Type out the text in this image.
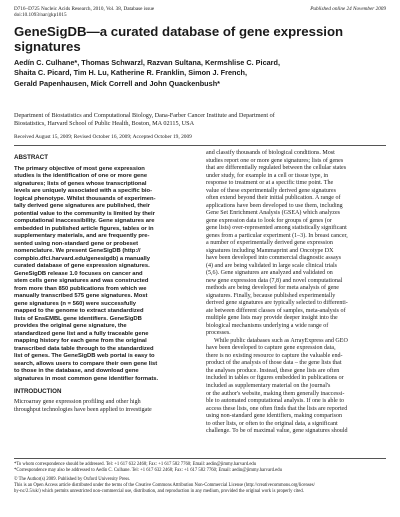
D716–D725 Nucleic Acids Research, 2010, Vol. 38, Database issue
doi:10.1093/nar/gkp1015
Published online 24 November 2009
GeneSigDB—a curated database of gene expression signatures
Aedín C. Culhane*, Thomas Schwarzl, Razvan Sultana, Kermshlise C. Picard,
Shaita C. Picard, Tim H. Lu, Katherine R. Franklin, Simon J. French,
Gerald Papenhausen, Mick Correll and John Quackenbush*
Department of Biostatistics and Computational Biology, Dana-Farber Cancer Institute and Department of
Biostatistics, Harvard School of Public Health, Boston, MA 02115, USA
Received August 15, 2009; Revised October 16, 2009; Accepted October 19, 2009
ABSTRACT
The primary objective of most gene expression
studies is the identification of one or more gene
signatures; lists of genes whose transcriptional
levels are uniquely associated with a specific bio-
logical phenotype. Whilst thousands of experimen-
tally derived gene signatures are published, their
potential value to the community is limited by their
computational inaccessibility. Gene signatures are
embedded in published article figures, tables or in
supplementary materials, and are frequently pre-
sented using non-standard gene or probeset
nomenclature. We present GeneSigDB (http://
compbio.dfci.harvard.edu/genesigdb) a manually
curated database of gene expression signatures.
GeneSigDB release 1.0 focuses on cancer and
stem cells gene signatures and was constructed
from more than 850 publications from which we
manually transcribed 575 gene signatures. Most
gene signatures (n = 560) were successfully
mapped to the genome to extract standardized
lists of EnsEMBL gene identifiers. GeneSigDB
provides the original gene signature, the
standardized gene list and a fully traceable gene
mapping history for each gene from the original
transcribed data table through to the standardized
list of genes. The GeneSigDB web portal is easy to
search, allows users to compare their own gene list
to those in the database, and download gene
signatures in most common gene identifier formats.
INTRODUCTION
Microarray gene expression profiling and other high
throughput technologies have been applied to investigate
and classify thousands of biological conditions. Most
studies report one or more gene signatures; lists of genes
that are differentially regulated between the cellular states
under study, for example in a cell or tissue type, in
response to treatment or at a specific time point. The
value of these experimentally derived gene signatures
often extend beyond their initial publication. A range of
applications have been developed to use them, including
Gene Set Enrichment Analysis (GSEA) which analyzes
gene expression data to look for groups of genes (or
gene lists) over-represented among statistically significant
genes from a particular experiment (1–3). In breast cancer,
a number of experimentally derived gene expression
signatures including Mammaprint and Oncotype DX
have been developed into commercial diagnostic assays
(4) and are being validated in large scale clinical trials
(5,6). Gene signatures are analyzed and validated on
new gene expression data (7,8) and novel computational
methods are being developed for meta analysis of gene
signatures. Finally, because published experimentally
derived gene signatures are typically selected to differenti-
ate between different classes of samples, meta-analysis of
multiple gene lists may provide deeper insight into the
biological mechanisms underlying a wide range of
processes.
While public databases such as ArrayExpress and GEO
have been developed to capture gene expression data,
there is no existing resource to capture the valuable end-
product of the analysis of those data – the gene lists that
the analyses produce. Instead, these gene lists are often
included in tables or figures embedded in publications or
included as supplementary material on the journal's
or the author's website, making them generally inaccessi-
ble to automated computational analysis. If one is able to
access these lists, one often finds that the lists are reported
using non-standard gene identifiers, making comparison
to other lists, or often to the original data, a significant
challenge. To be of maximal value, gene signatures should

*To whom correspondence should be addressed. Tel: +1 617 632 2468; Fax: +1 617 582 7760; Email: aedin@jimmy.harvard.edu

*Correspondence may also be addressed to Aedín C. Culhane. Tel: +1 617 632 2468; Fax: +1 617 582 7760; Email: aedin@jimmy.harvard.edu

© The Author(s) 2009. Published by Oxford University Press.

This is an Open Access article distributed under the terms of the Creative Commons Attribution Non-Commercial License (http://creativecommons.org/licenses/

by-nc/2.5/uk/) which permits unrestricted non-commercial use, distribution, and reproduction in any medium, provided the original work is properly cited.
